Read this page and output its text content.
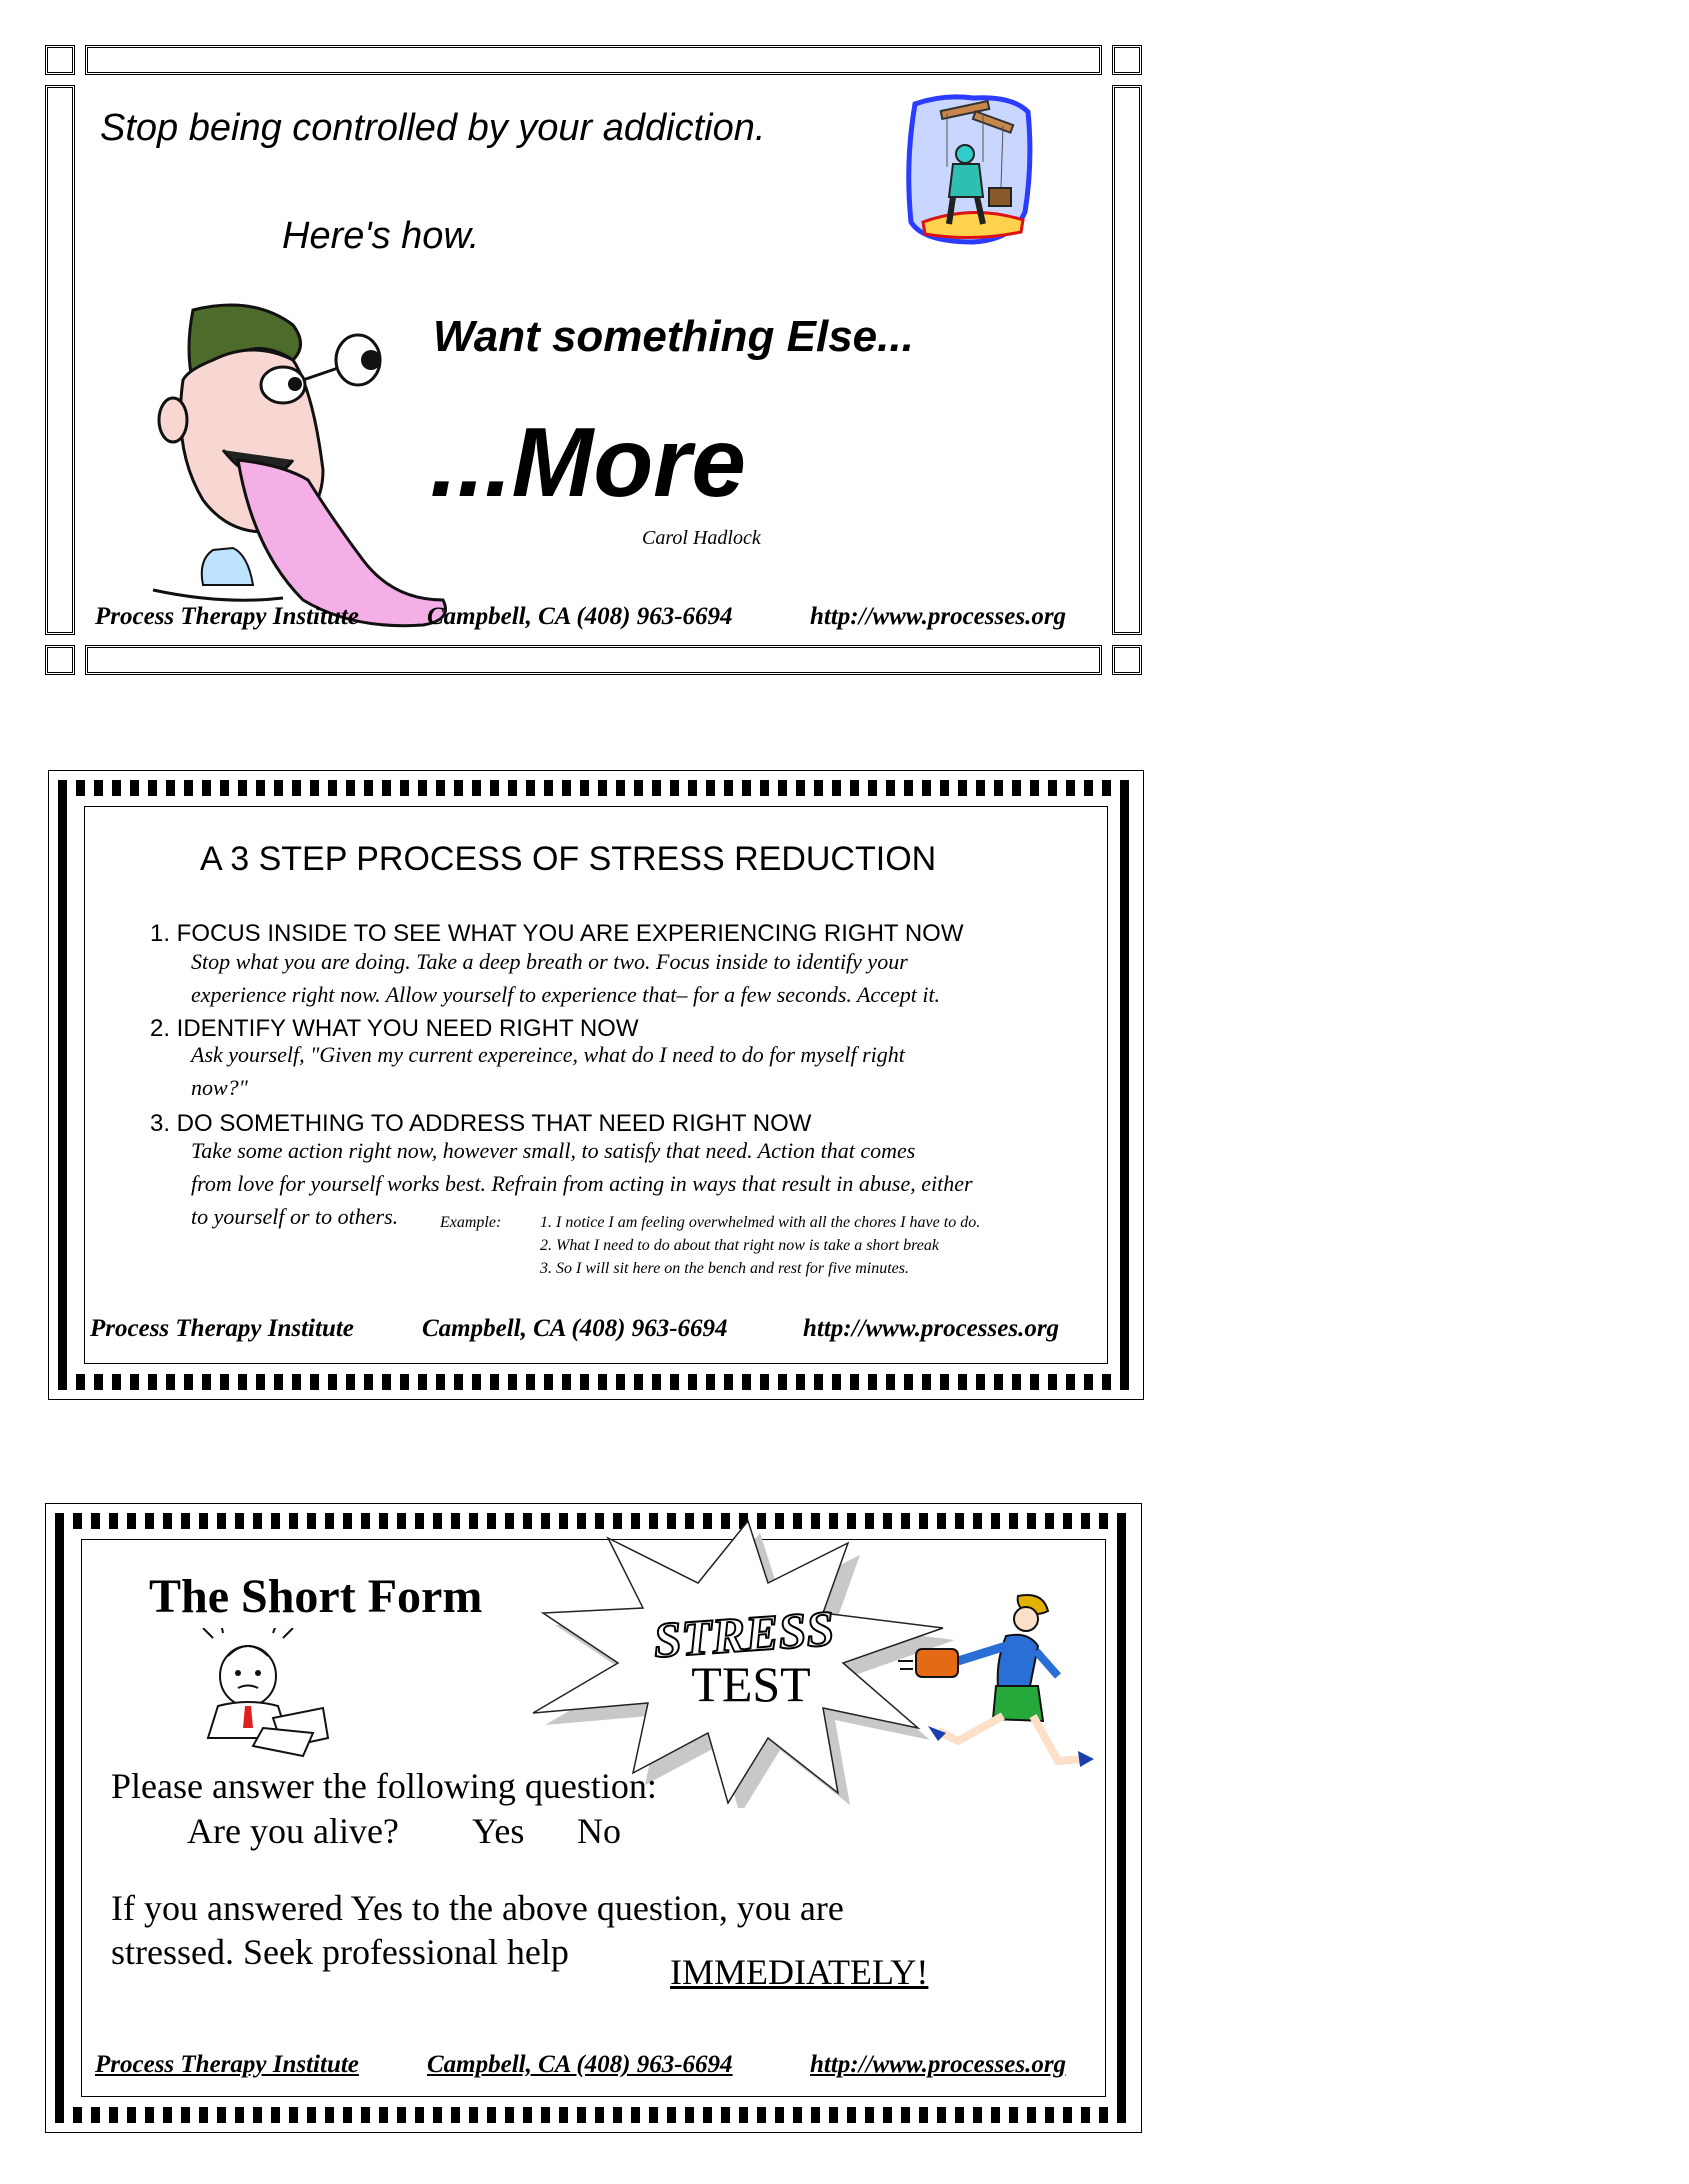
Stop being controlled by your addiction.
Here's how.
Want something Else...
...More
Carol Hadlock
Process Therapy Institute	Campbell, CA (408) 963-6694	http://www.processes.org
A 3 STEP PROCESS OF STRESS REDUCTION
1. FOCUS INSIDE TO SEE WHAT YOU ARE EXPERIENCING RIGHT NOW
Stop what you are doing. Take a deep breath or two. Focus inside to identify your
experience right now. Allow yourself to experience that– for a few seconds. Accept it.
2. IDENTIFY WHAT YOU NEED RIGHT NOW
Ask yourself, "Given my current expereince, what do I need to do for myself right
now?"
3. DO SOMETHING TO ADDRESS THAT NEED RIGHT NOW
Take some action right now, however small, to satisfy that need. Action that comes
from love for yourself works best. Refrain from acting in ways that result in abuse, either
to yourself or to others.	Example: 1. I notice I am feeling overwhelmed with all the chores I have to do.
2. What I need to do about that right now is take a short break
3. So I will sit here on the bench and rest for five minutes.
Process Therapy Institute	Campbell, CA (408) 963-6694	http://www.processes.org
The Short Form
STRESS
TEST
Please answer the following question:
Are you alive? Yes No
If you answered Yes to the above question, you are
stressed. Seek professional help	IMMEDIATELY!
Process Therapy Institute	Campbell, CA (408) 963-6694	http://www.processes.org
